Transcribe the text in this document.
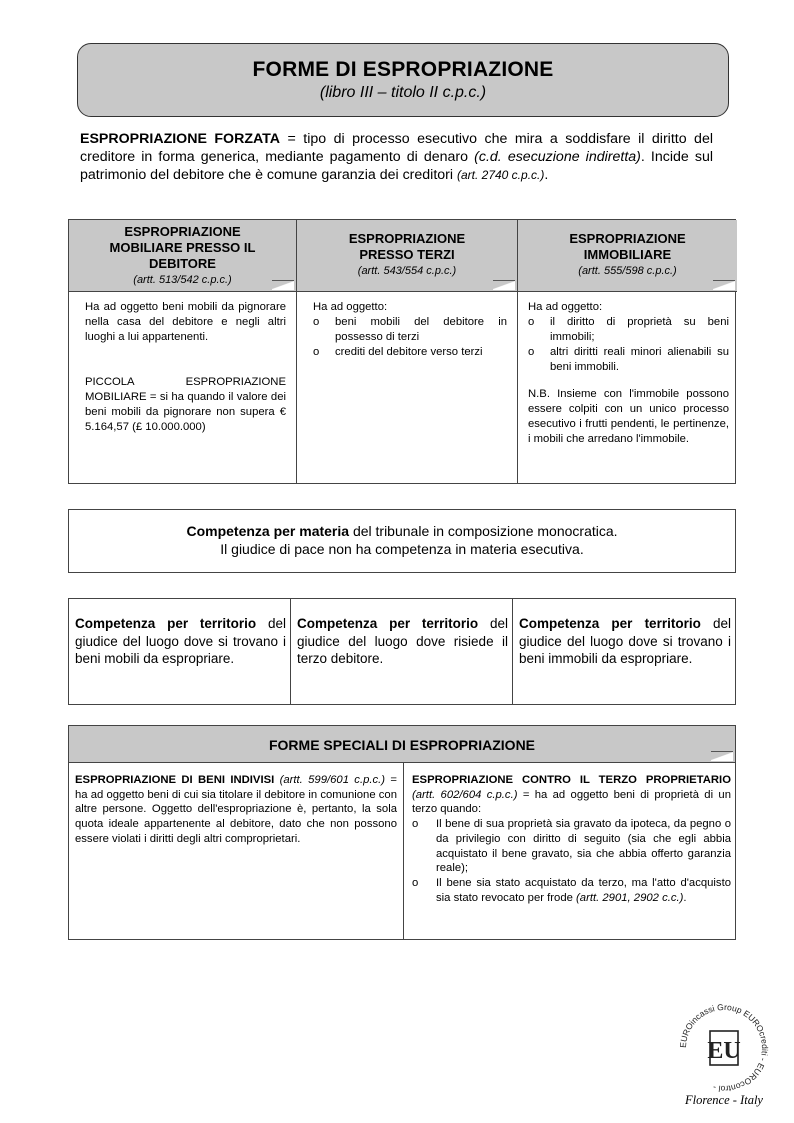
FORME DI ESPROPRIAZIONE
(libro III – titolo II c.p.c.)
ESPROPRIAZIONE FORZATA = tipo di processo esecutivo che mira a soddisfare il diritto del creditore in forma generica, mediante pagamento di denaro (c.d. esecuzione indiretta). Incide sul patrimonio del debitore che è comune garanzia dei creditori (art. 2740 c.p.c.).
ESPROPRIAZIONE MOBILIARE PRESSO IL DEBITORE
(artt. 513/542 c.p.c.)

Ha ad oggetto beni mobili da pignorare nella casa del debitore e negli altri luoghi a lui appartenenti.

PICCOLA ESPROPRIAZIONE MOBILIARE = si ha quando il valore dei beni mobili da pignorare non supera € 5.164,57 (£ 10.000.000)

ESPROPRIAZIONE PRESSO TERZI
(artt. 543/554 c.p.c.)

Ha ad oggetto:

o beni mobili del debitore in possesso di terzi
o crediti del debitore verso terzi
ESPROPRIAZIONE IMMOBILIARE
(artt. 555/598 c.p.c.)

Ha ad oggetto:

o il diritto di proprietà su beni immobili;
o altri diritti reali minori alienabili su beni immobili.

N.B. Insieme con l'immobile possono essere colpiti con un unico processo esecutivo i frutti pendenti, le pertinenze, i mobili che arredano l'immobile.

Competenza per materia del tribunale in composizione monocratica.
Il giudice di pace non ha competenza in materia esecutiva.
Competenza per territorio del giudice del luogo dove si trovano i beni mobili da espropriare.
Competenza per territorio del giudice del luogo dove risiede il terzo debitore.
Competenza per territorio del giudice del luogo dove si trovano i beni immobili da espropriare.
FORME SPECIALI DI ESPROPRIAZIONE
ESPROPRIAZIONE DI BENI INDIVISI (artt. 599/601 c.p.c.) = ha ad oggetto beni di cui sia titolare il debitore in comunione con altre persone. Oggetto dell'espropriazione è, pertanto, la sola quota ideale appartenente al debitore, dato che non possono essere violati i diritti degli altri comproprietari.
ESPROPRIAZIONE CONTRO IL TERZO PROPRIETARIO (artt. 602/604 c.p.c.) = ha ad oggetto beni di proprietà di un terzo quando:
o Il bene di sua proprietà sia gravato da ipoteca, da pegno o da privilegio con diritto di seguito (sia che egli abbia acquistato il bene gravato, sia che abbia offerto garanzia reale);
o Il bene sia stato acquistato da terzo, ma l'atto d'acquisto sia stato revocato per frode (artt. 2901, 2902 c.c.).
EUROincassi Group EUROcrediti - EUROcontrol -
EU
Florence - Italy
